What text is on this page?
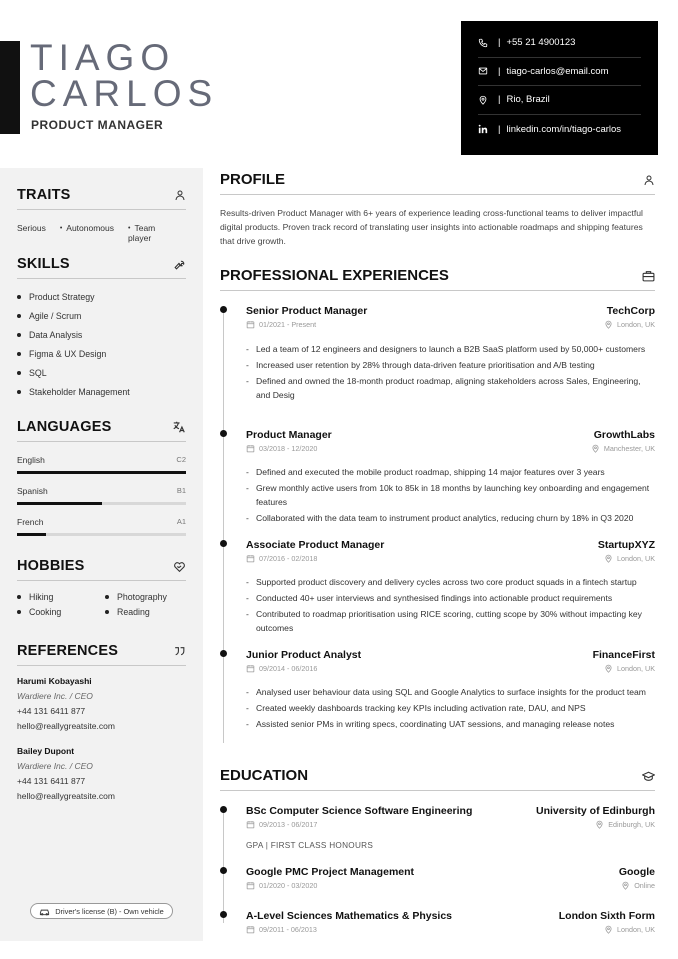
TIAGO
CARLOS
PRODUCT MANAGER
| +55 21 4900123
| tiago-carlos@email.com
| Rio, Brazil
| linkedin.com/in/tiago-carlos
TRAITS
Serious	• Autonomous	• Team player
SKILLS
Product Strategy
Agile / Scrum
Data Analysis
Figma & UX Design
SQL
Stakeholder Management
LANGUAGES
English	C2
Spanish	B1
French	A1
HOBBIES
Hiking	Photography
Cooking	Reading
REFERENCES
Harumi Kobayashi
Wardiere Inc. / CEO
+44 131 6411 877
hello@reallygreatsite.com
Bailey Dupont
Wardiere Inc. / CEO
+44 131 6411 877
hello@reallygreatsite.com
Driver's license (B) - Own vehicle
PROFILE
Results-driven Product Manager with 6+ years of experience leading cross-functional teams to deliver impactful digital products. Proven track record of translating user insights into actionable roadmaps and shipping features that drive growth.
PROFESSIONAL EXPERIENCES
Senior Product Manager	TechCorp
01/2021 - Present	London, UK
- Led a team of 12 engineers and designers to launch a B2B SaaS platform used by 50,000+ customers
- Increased user retention by 28% through data-driven feature prioritisation and A/B testing
- Defined and owned the 18-month product roadmap, aligning stakeholders across Sales, Engineering, and Desig
Product Manager	GrowthLabs
03/2018 - 12/2020	Manchester, UK
- Defined and executed the mobile product roadmap, shipping 14 major features over 3 years
- Grew monthly active users from 10k to 85k in 18 months by launching key onboarding and engagement features
- Collaborated with the data team to instrument product analytics, reducing churn by 18% in Q3 2020
Associate Product Manager	StartupXYZ
07/2016 - 02/2018	London, UK
- Supported product discovery and delivery cycles across two core product squads in a fintech startup
- Conducted 40+ user interviews and synthesised findings into actionable product requirements
- Contributed to roadmap prioritisation using RICE scoring, cutting scope by 30% without impacting key outcomes
Junior Product Analyst	FinanceFirst
09/2014 - 06/2016	London, UK
- Analysed user behaviour data using SQL and Google Analytics to surface insights for the product team
- Created weekly dashboards tracking key KPIs including activation rate, DAU, and NPS
- Assisted senior PMs in writing specs, coordinating UAT sessions, and managing release notes
EDUCATION
BSc Computer Science Software Engineering	University of Edinburgh
09/2013 - 06/2017	Edinburgh, UK
GPA | FIRST CLASS HONOURS
Google PMC Project Management	Google
01/2020 - 03/2020	Online
A-Level Sciences Mathematics & Physics	London Sixth Form
09/2011 - 06/2013	London, UK
